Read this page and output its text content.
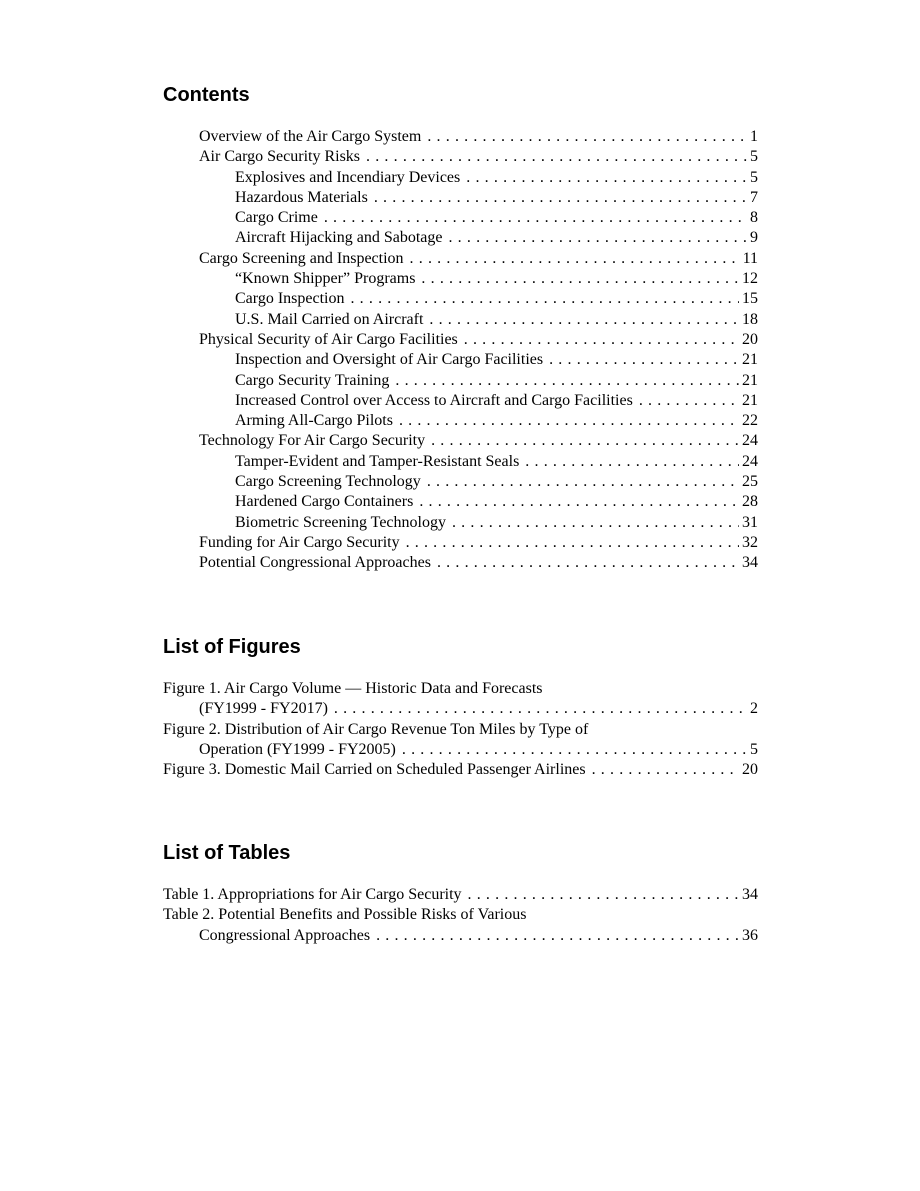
Contents
Overview of the Air Cargo System . . .	1
Air Cargo Security Risks . . .	5
Explosives and Incendiary Devices . . .	5
Hazardous Materials . . .	7
Cargo Crime . . .	8
Aircraft Hijacking and Sabotage . . .	9
Cargo Screening and Inspection . . .	11
“Known Shipper” Programs . . .	12
Cargo Inspection . . .	15
U.S. Mail Carried on Aircraft . . .	18
Physical Security of Air Cargo Facilities . . .	20
Inspection and Oversight of Air Cargo Facilities . . .	21
Cargo Security Training . . .	21
Increased Control over Access to Aircraft and Cargo Facilities . . .	21
Arming All-Cargo Pilots . . .	22
Technology For Air Cargo Security . . .	24
Tamper-Evident and Tamper-Resistant Seals . . .	24
Cargo Screening Technology . . .	25
Hardened Cargo Containers . . .	28
Biometric Screening Technology . . .	31
Funding for Air Cargo Security . . .	32
Potential Congressional Approaches . . .	34
List of Figures
Figure 1. Air Cargo Volume — Historic Data and Forecasts
(FY1999 - FY2017) . . .	2
Figure 2. Distribution of Air Cargo Revenue Ton Miles by Type of
Operation (FY1999 - FY2005) . . .	5
Figure 3. Domestic Mail Carried on Scheduled Passenger Airlines . . .	20
List of Tables
Table 1. Appropriations for Air Cargo Security . . .	34
Table 2. Potential Benefits and Possible Risks of Various
Congressional Approaches . . .	36
